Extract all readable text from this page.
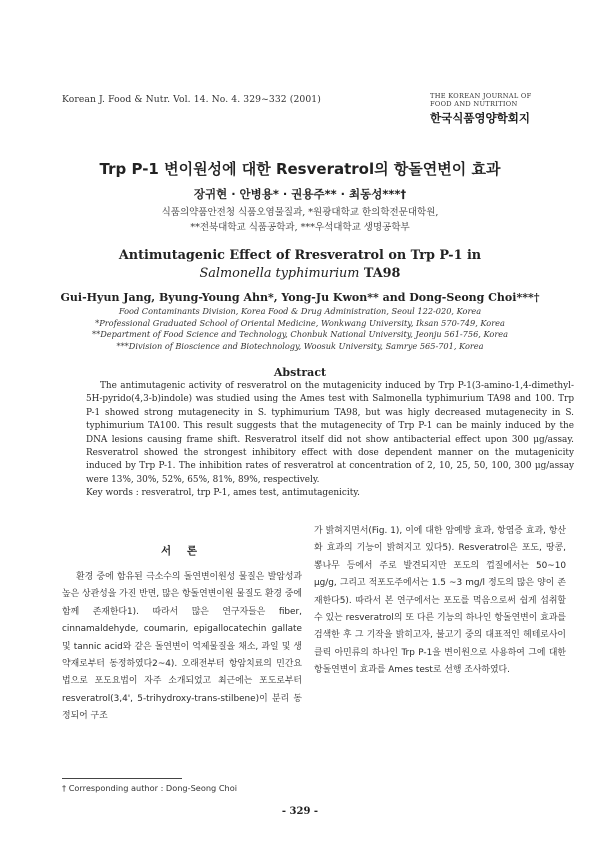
Korean J. Food & Nutr. Vol. 14. No. 4. 329~332 (2001)	THE KOREAN JOURNAL OF
FOOD AND NUTRITION
한국식품영양학회지
Trp P-1 변이원성에 대한 Resveratrol의 항돌연변이 효과
장귀현 · 안병용* · 권용주** · 최동성***†
식품의약품안전청 식품오염물질과, *원광대학교 한의학전문대학원,
**전북대학교 식품공학과, ***우석대학교 생명공학부
Antimutagenic Effect of Rresveratrol on Trp P-1 in
Salmonella typhimurium TA98
Gui-Hyun Jang, Byung-Young Ahn*, Yong-Ju Kwon** and Dong-Seong Choi***†
Food Contaminants Division, Korea Food & Drug Administration, Seoul 122-020, Korea
*Professional Graduated School of Oriental Medicine, Wonkwang University, Iksan 570-749, Korea
**Department of Food Science and Technology, Chonbuk National University, Jeonju 561-756, Korea
***Division of Bioscience and Biotechnology, Woosuk University, Samrye 565-701, Korea
Abstract

The antimutagenic activity of resveratrol on the mutagenicity induced by Trp P-1(3-amino-1,4-dimethyl-5H-pyrido(4,3-b)indole) was studied using the Ames test with Salmonella typhimurium TA98 and 100. Trp P-1 showed strong mutagenecity in S. typhimurium TA98, but was higly decreased mutagenecity in S. typhimurium TA100. This result suggests that the mutagenecity of Trp P-1 can be mainly induced by the DNA lesions causing frame shift. Resveratrol itself did not show antibacterial effect upon 300 μg/assay. Resveratrol showed the strongest inhibitory effect with dose dependent manner on the mutagenicity induced by Trp P-1. The inhibition rates of resveratrol at concentration of 2, 10, 25, 50, 100, 300 μg/assay were 13%, 30%, 52%, 65%, 81%, 89%, respectively.

Key words : resveratrol, trp P-1, ames test, antimutagenicity.
서 론

환경 중에 함유된 극소수의 돌연변이원성 물질은 발암성과 높은 상관성을 가진 반면, 많은 항돌연변이원 물질도 환경 중에 함께 존재한다1). 따라서 많은 연구자들은 fiber, cinnamaldehyde, coumarin, epigallocatechin gallate 및 tannic acid와 같은 돌연변이 억제물질을 채소, 과일 및 생약재로부터 동정하였다2~4). 오래전부터 항암치료의 민간요법으로 포도요법이 자주 소개되었고 최근에는 포도로부터 resveratrol(3,4', 5-trihydroxy-trans-stilbene)이 분리 동정되어 구조

가 밝혀지면서(Fig. 1), 이에 대한 암예방 효과, 항염증 효과, 항산화 효과의 기능이 밝혀지고 있다5). Resveratrol은 포도, 땅콩, 뽕나무 등에서 주로 발견되지만 포도의 껍질에서는 50~10 μg/g, 그리고 적포도주에서는 1.5 ~3 mg/l 정도의 많은 양이 존재한다5). 따라서 본 연구에서는 포도를 먹음으로써 쉽게 섭취할 수 있는 resveratrol의 또 다른 기능의 하나인 항돌연변이 효과를 검색한 후 그 기작을 밝히고자, 불고기 중의 대표적인 헤테로사이클릭 아민류의 하나인 Trp P-1을 변이원으로 사용하여 그에 대한 항돌연변이 효과를 Ames test로 선행 조사하였다.

† Corresponding author : Dong-Seong Choi
- 329 -
